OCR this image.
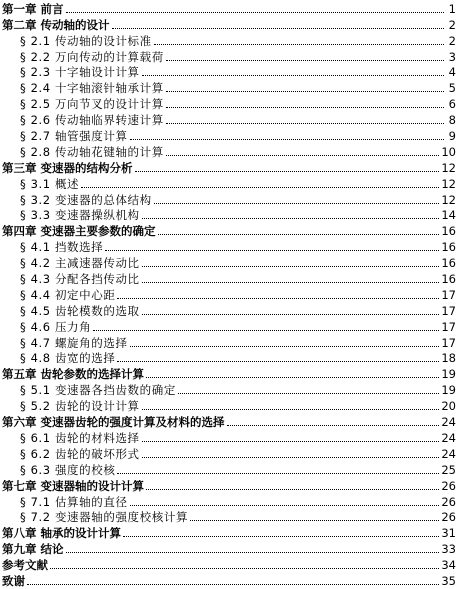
第一章 前言	1
第二章 传动轴的设计	2
§ 2.1 传动轴的设计标准	2
§ 2.2 万向传动的计算载荷	3
§ 2.3 十字轴设计计算	4
§ 2.4 十字轴滚针轴承计算	5
§ 2.5 万向节叉的设计计算	6
§ 2.6 传动轴临界转速计算	8
§ 2.7 轴管强度计算	9
§ 2.8 传动轴花键轴的计算	10
第三章 变速器的结构分析	12
§ 3.1 概述	12
§ 3.2 变速器的总体结构	12
§ 3.3 变速器操纵机构	14
第四章 变速器主要参数的确定	16
§ 4.1 挡数选择	16
§ 4.2 主减速器传动比	16
§ 4.3 分配各挡传动比	16
§ 4.4 初定中心距	17
§ 4.5 齿轮模数的选取	17
§ 4.6 压力角	17
§ 4.7 螺旋角的选择	17
§ 4.8 齿宽的选择	18
第五章 齿轮参数的选择计算	19
§ 5.1 变速器各挡齿数的确定	19
§ 5.2 齿轮的设计计算	20
第六章 变速器齿轮的强度计算及材料的选择	24
§ 6.1 齿轮的材料选择	24
§ 6.2 齿轮的破坏形式	24
§ 6.3 强度的校核	25
第七章 变速器轴的设计计算	26
§ 7.1 估算轴的直径	26
§ 7.2 变速器轴的强度校核计算	26
第八章 轴承的设计计算	31
第九章 结论	33
参考文献	34
致谢	35
